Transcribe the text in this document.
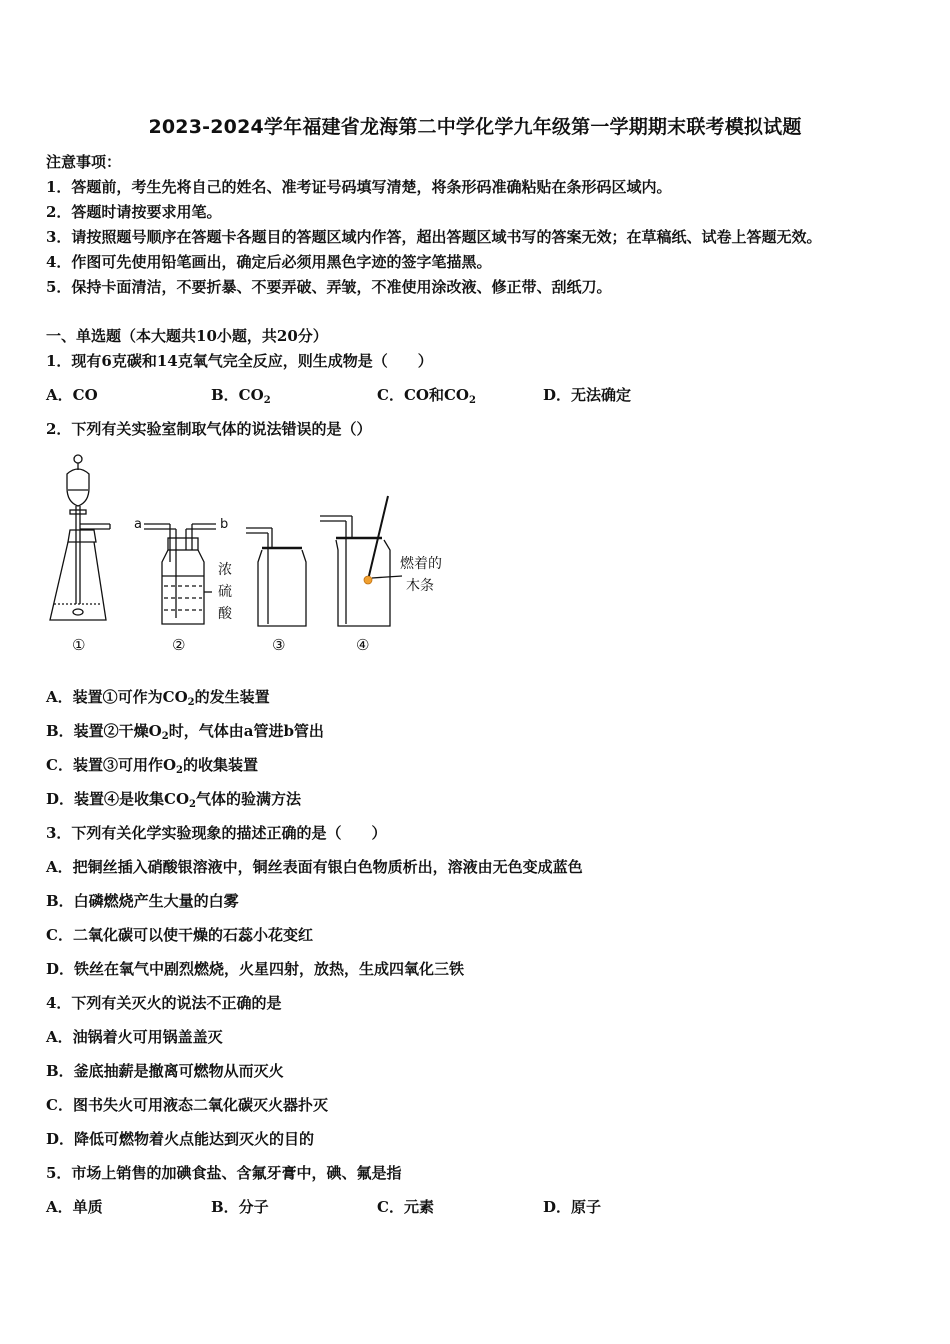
2023-2024学年福建省龙海第二中学化学九年级第一学期期末联考模拟试题
注意事项：
1．答题前，考生先将自己的姓名、准考证号码填写清楚，将条形码准确粘贴在条形码区域内。
2．答题时请按要求用笔。
3．请按照题号顺序在答题卡各题目的答题区域内作答，超出答题区域书写的答案无效；在草稿纸、试卷上答题无效。
4．作图可先使用铅笔画出，确定后必须用黑色字迹的签字笔描黑。
5．保持卡面清洁，不要折暴、不要弄破、弄皱，不准使用涂改液、修正带、刮纸刀。
一、单选题（本大题共10小题，共20分）
1．现有6克碳和14克氧气完全反应，则生成物是（　　）
A．CO	B．$CO_2$	C．CO和$CO_2$	D．无法确定
2．下列有关实验室制取气体的说法错误的是（）
a	b
浓
硫
酸
燃着的
木条
①	②	③	④
A．装置①可作为$CO_2$的发生装置
B．装置②干燥$O_2$时，气体由a管进b管出
C．装置③可用作$O_2$的收集装置
D．装置④是收集$CO_2$气体的验满方法
3．下列有关化学实验现象的描述正确的是（　　）
A．把铜丝插入硝酸银溶液中，铜丝表面有银白色物质析出，溶液由无色变成蓝色
B．白磷燃烧产生大量的白雾
C．二氧化碳可以使干燥的石蕊小花变红
D．铁丝在氧气中剧烈燃烧，火星四射，放热，生成四氧化三铁
4．下列有关灭火的说法不正确的是
A．油锅着火可用锅盖盖灭
B．釜底抽薪是撤离可燃物从而灭火
C．图书失火可用液态二氧化碳灭火器扑灭
D．降低可燃物着火点能达到灭火的目的
5．市场上销售的加碘食盐、含氟牙膏中，碘、氟是指
A．单质	B．分子	C．元素	D．原子
